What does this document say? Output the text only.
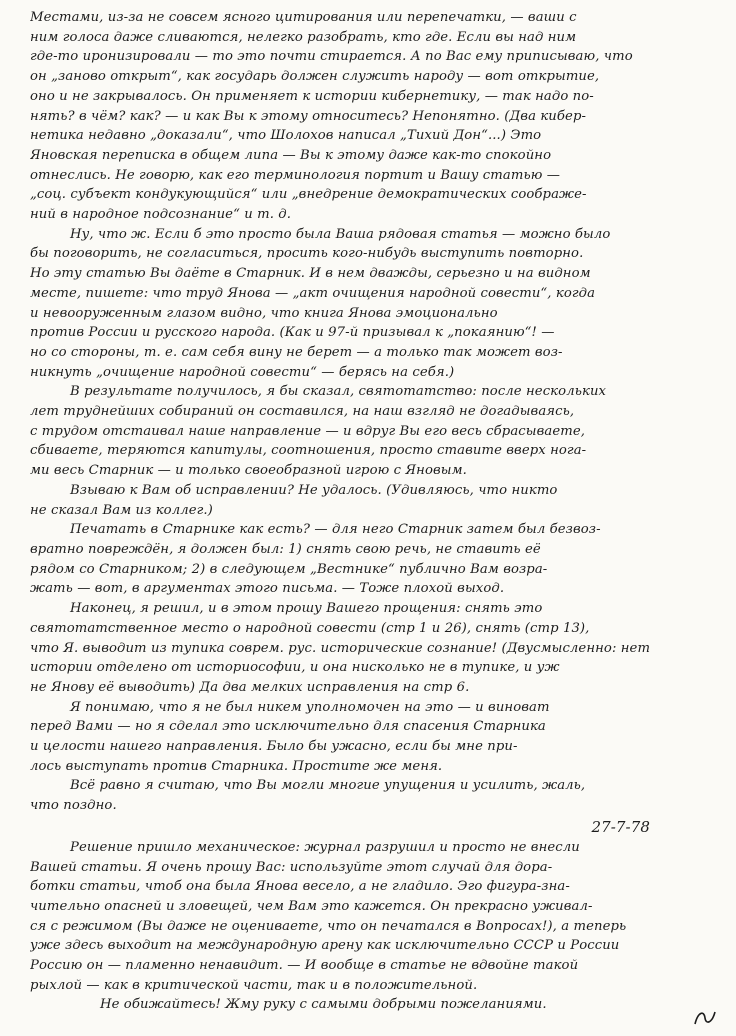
Местами, из-за не совсем ясного цитирования или перепечатки, — ваши с
ним голоса даже сливаются, нелегко разобрать, кто где. Если вы над ним
где-то иронизировали — то это почти стирается. А по Вас ему приписываю, что
он „заново открыт“, как государь должен служить народу — вот открытие,
оно и не закрывалось. Он применяет к истории кибернетику, — так надо по-
нять? в чём? как? — и как Вы к этому относитесь? Непонятно. (Два кибер-
нетика недавно „доказали“, что Шолохов написал „Тихий Дон“...) Это
Яновская переписка в общем липа — Вы к этому даже как-то спокойно
отнеслись. Не говорю, как его терминология портит и Вашу статью —
„соц. субъект кондукующийся“ или „внедрение демократических соображе-
ний в народное подсознание“ и т. д.
Ну, что ж. Если б это просто была Ваша рядовая статья — можно было
бы поговорить, не согласиться, просить кого-нибудь выступить повторно.
Но эту статью Вы даёте в Старник. И в нем дважды, серьезно и на видном
месте, пишете: что труд Янова — „акт очищения народной совести“, когда
и невооруженным глазом видно, что книга Янова эмоционально
против России и русского народа. (Как и 97-й призывал к „покаянию“! —
но со стороны, т. е. сам себя вину не берет — а только так может воз-
никнуть „очищение народной совести“ — берясь на себя.)
В результате получилось, я бы сказал, святотатство: после нескольких
лет труднейших собираний он составился, на наш взгляд не догадываясь,
с трудом отстаивал наше направление — и вдруг Вы его весь сбрасываете,
сбиваете, теряются капитулы, соотношения, просто ставите вверх нога-
ми весь Старник — и только своеобразной игрою с Яновым.
Взываю к Вам об исправлении? Не удалось. (Удивляюсь, что никто
не сказал Вам из коллег.)
Печатать в Старнике как есть? — для него Старник затем был безвоз-
вратно повреждён, я должен был: 1) снять свою речь, не ставить её
рядом со Старником; 2) в следующем „Вестнике“ публично Вам возра-
жать — вот, в аргументах этого письма. — Тоже плохой выход.
Наконец, я решил, и в этом прошу Вашего прощения: снять это
святотатственное место о народной совести (стр 1 и 26), снять (стр 13),
что Я. выводит из тупика соврем. рус. исторические сознание! (Двусмысленно: нет
истории отделено от историософии, и она нисколько не в тупике, и уж
не Янову её выводить) Да два мелких исправления на стр 6.
Я понимаю, что я не был никем уполномочен на это — и виноват
перед Вами — но я сделал это исключительно для спасения Старника
и целости нашего направления. Было бы ужасно, если бы мне при-
лось выступать против Старника. Простите же меня.
Всё равно я считаю, что Вы могли многие упущения и усилить, жаль,
что поздно.
27-7-78
Решение пришло механическое: журнал разрушил и просто не внесли
Вашей статьи. Я очень прошу Вас: используйте этот случай для дора-
ботки статьи, чтоб она была Янова весело, а не гладило. Эго фигура-зна-
чительно опасней и зловещей, чем Вам это кажется. Он прекрасно уживал-
ся с режимом (Вы даже не оцениваете, что он печатался в Вопросах!), а теперь
уже здесь выходит на международную арену как исключительно СССР и России
Россию он — пламенно ненавидит. — И вообще в статье не вдвойне такой
рыхлой — как в критической части, так и в положительной.
Не обижайтесь! Жму руку с самыми добрыми пожеланиями.
